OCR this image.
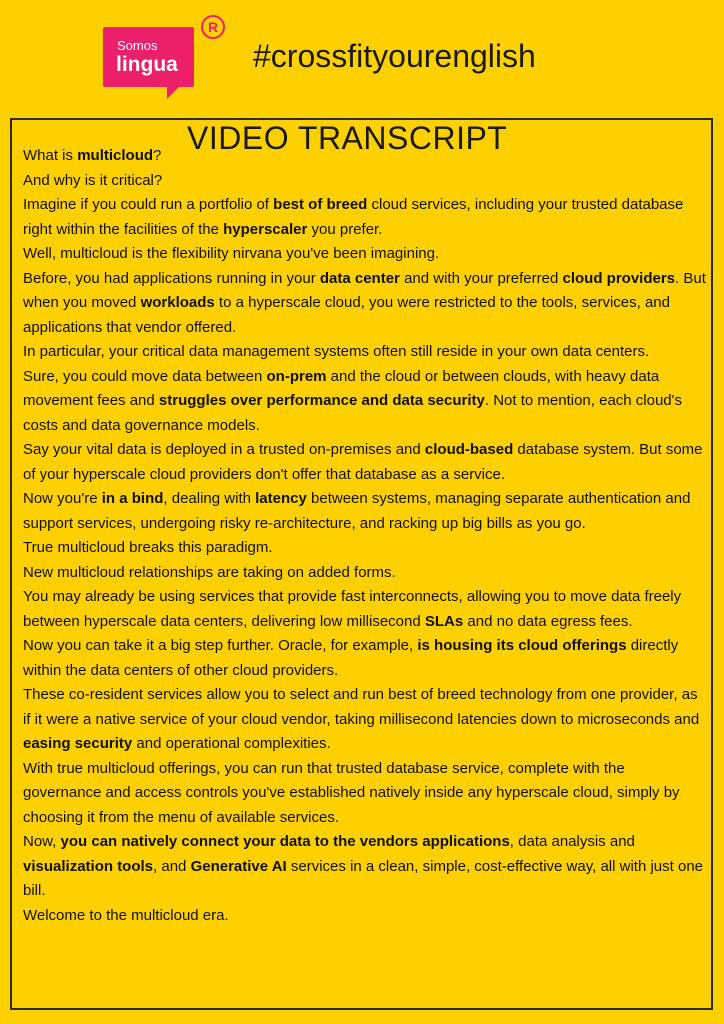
Somos
lingua
R
#crossfityourenglish
VIDEO TRANSCRIPT

What is multicloud?

And why is it critical?

Imagine if you could run a portfolio of best of breed cloud services, including your trusted database right within the facilities of the hyperscaler you prefer.

Well, multicloud is the flexibility nirvana you've been imagining.

Before, you had applications running in your data center and with your preferred cloud providers. But when you moved workloads to a hyperscale cloud, you were restricted to the tools, services, and applications that vendor offered.

In particular, your critical data management systems often still reside in your own data centers.

Sure, you could move data between on-prem and the cloud or between clouds, with heavy data movement fees and struggles over performance and data security. Not to mention, each cloud's costs and data governance models.

Say your vital data is deployed in a trusted on-premises and cloud-based database system. But some of your hyperscale cloud providers don't offer that database as a service.

Now you're in a bind, dealing with latency between systems, managing separate authentication and support services, undergoing risky re-architecture, and racking up big bills as you go.

True multicloud breaks this paradigm.

New multicloud relationships are taking on added forms.

You may already be using services that provide fast interconnects, allowing you to move data freely between hyperscale data centers, delivering low millisecond SLAs and no data egress fees.

Now you can take it a big step further. Oracle, for example, is housing its cloud offerings directly within the data centers of other cloud providers.

These co-resident services allow you to select and run best of breed technology from one provider, as if it were a native service of your cloud vendor, taking millisecond latencies down to microseconds and easing security and operational complexities.

With true multicloud offerings, you can run that trusted database service, complete with the governance and access controls you've established natively inside any hyperscale cloud, simply by choosing it from the menu of available services.

Now, you can natively connect your data to the vendors applications, data analysis and visualization tools, and Generative AI services in a clean, simple, cost-effective way, all with just one bill.

Welcome to the multicloud era.
